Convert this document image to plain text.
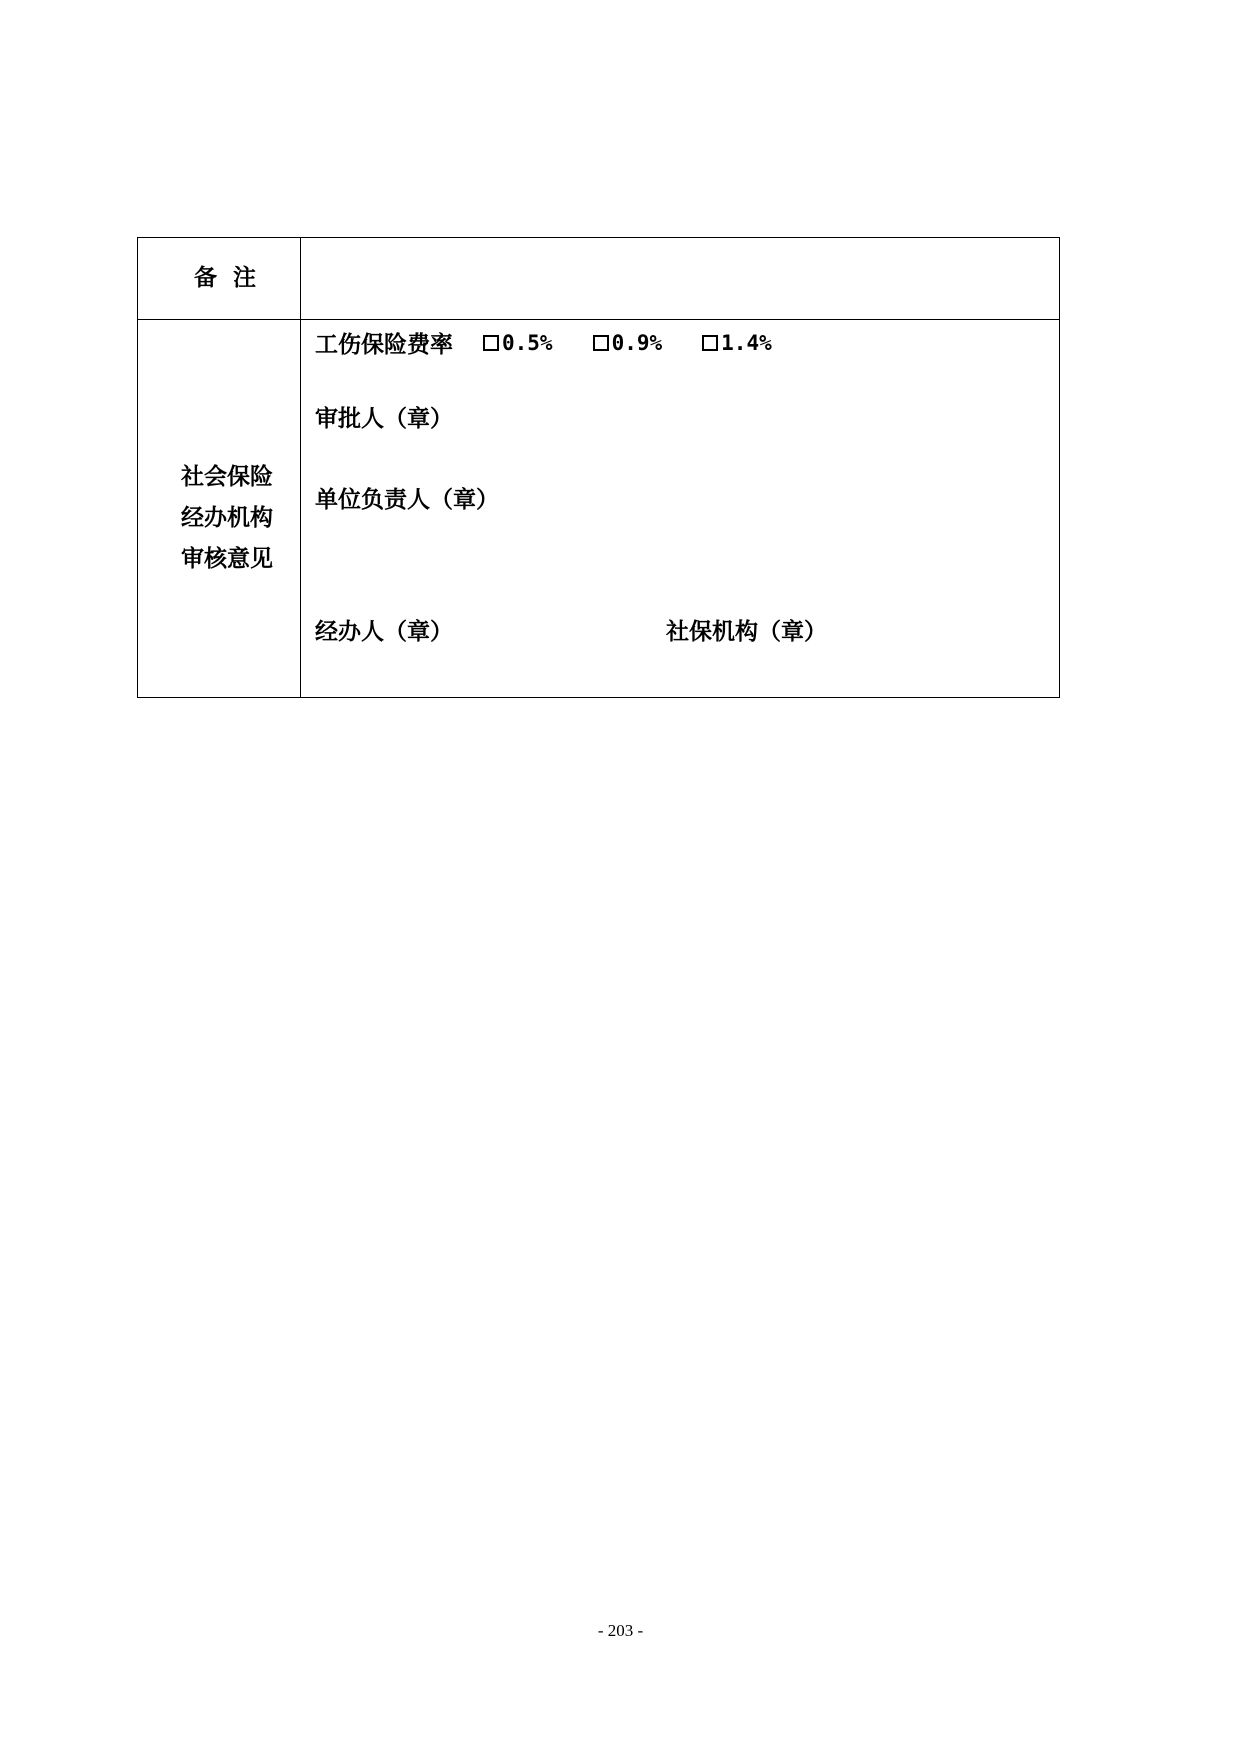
备注
社会保险
经办机构
审核意见
工伤保险费率 0.5%	0.9%	1.4%
审批人（章）
单位负责人（章）
经办人（章）	社保机构（章）
- 203 -
